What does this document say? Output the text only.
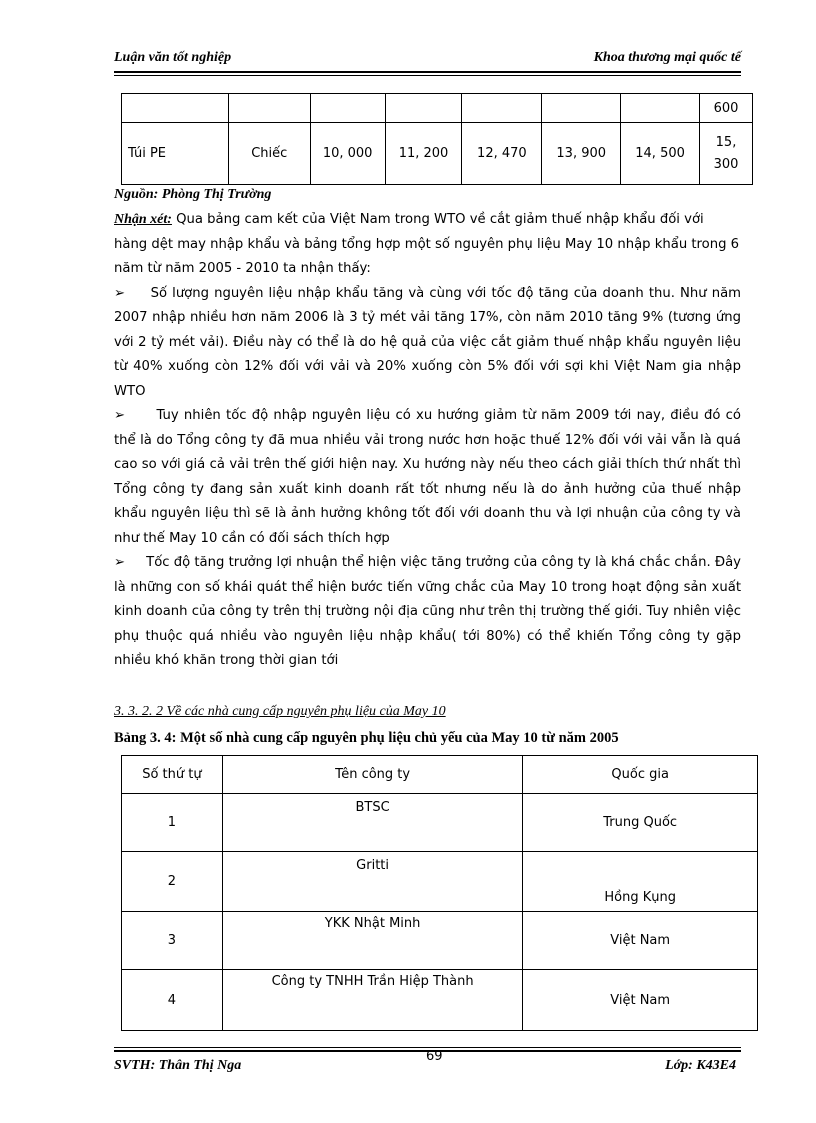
Luận văn tốt nghiệp	Khoa thương mại quốc tế
							600
Túi PE	Chiếc	10, 000	11, 200	12, 470	13, 900	14, 500	15,
300
Nguồn: Phòng Thị Trường

Nhận xét: Qua bảng cam kết của Việt Nam trong WTO về cắt giảm thuế nhập khẩu đối với hàng dệt may nhập khẩu và bảng tổng hợp một số nguyên phụ liệu May 10 nhập khẩu trong 6 năm từ năm 2005 - 2010 ta nhận thấy:

➢ Số lượng nguyên liệu nhập khẩu tăng và cùng với tốc độ tăng của doanh thu. Như năm 2007 nhập nhiều hơn năm 2006 là 3 tỷ mét vải tăng 17%, còn năm 2010 tăng 9% (tương ứng với 2 tỷ mét vải). Điều này có thể là do hệ quả của việc cắt giảm thuế nhập khẩu nguyên liệu từ 40% xuống còn 12% đối với vải và 20% xuống còn 5% đối với sợi khi Việt Nam gia nhập WTO

➢ Tuy nhiên tốc độ nhập nguyên liệu có xu hướng giảm từ năm 2009 tới nay, điều đó có thể là do Tổng công ty đã mua nhiều vải trong nước hơn hoặc thuế 12% đối với vải vẫn là quá cao so với giá cả vải trên thế giới hiện nay. Xu hướng này nếu theo cách giải thích thứ nhất thì Tổng công ty đang sản xuất kinh doanh rất tốt nhưng nếu là do ảnh hưởng của thuế nhập khẩu nguyên liệu thì sẽ là ảnh hưởng không tốt đối với doanh thu và lợi nhuận của công ty và như thế May 10 cần có đối sách thích hợp

➢ Tốc độ tăng trưởng lợi nhuận thể hiện việc tăng trưởng của công ty là khá chắc chắn. Đây là những con số khái quát thể hiện bước tiến vững chắc của May 10 trong hoạt động sản xuất kinh doanh của công ty trên thị trường nội địa cũng như trên thị trường thế giới. Tuy nhiên việc phụ thuộc quá nhiều vào nguyên liệu nhập khẩu( tới 80%) có thể khiến Tổng công ty gặp nhiều khó khăn trong thời gian tới

3. 3. 2. 2 Về các nhà cung cấp nguyên phụ liệu của May 10
Bảng 3. 4: Một số nhà cung cấp nguyên phụ liệu chủ yếu của May 10 từ năm 2005
Số thứ tự	Tên công ty	Quốc gia
1	BTSC	Trung Quốc
2	Gritti	Hồng Kụng
3	YKK Nhật Minh	Việt Nam
4	Công ty TNHH Trần Hiệp Thành	Việt Nam
69
SVTH: Thân Thị Nga	Lớp: K43E4
